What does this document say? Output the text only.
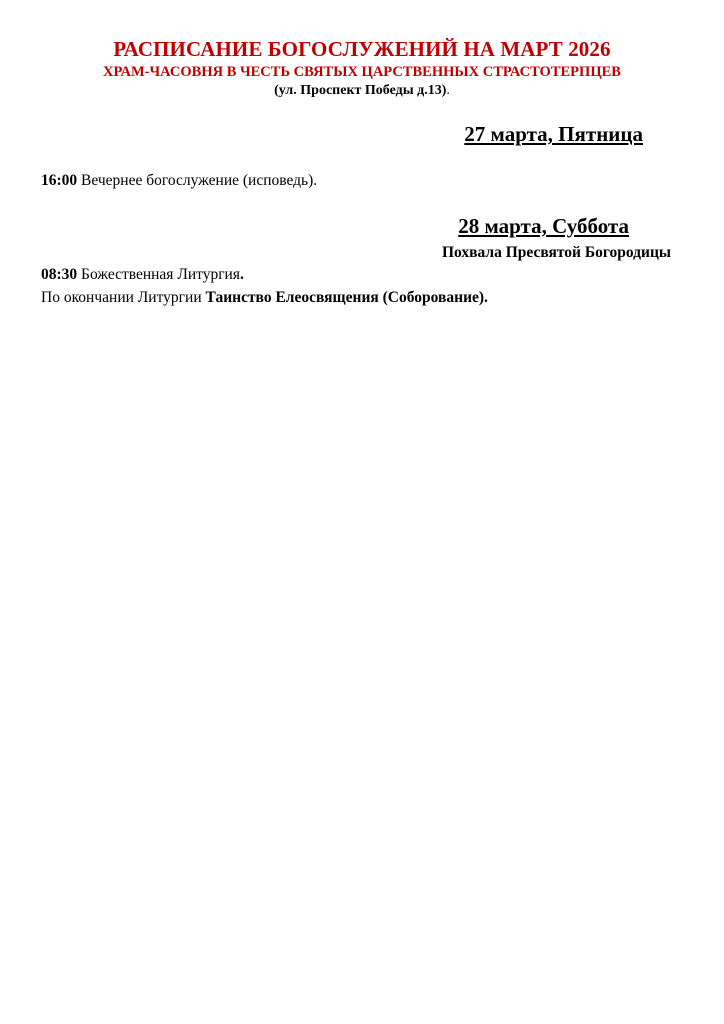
РАСПИСАНИЕ БОГОСЛУЖЕНИЙ НА МАРТ 2026
ХРАМ-ЧАСОВНЯ В ЧЕСТЬ СВЯТЫХ ЦАРСТВЕННЫХ СТРАСТОТЕРПЦЕВ
(ул. Проспект Победы д.13).
27 марта, Пятница
16:00 Вечернее богослужение (исповедь).
28 марта, Суббота
Похвала Пресвятой Богородицы
08:30 Божественная Литургия.
По окончании Литургии Таинство Елеосвящения (Соборование).
